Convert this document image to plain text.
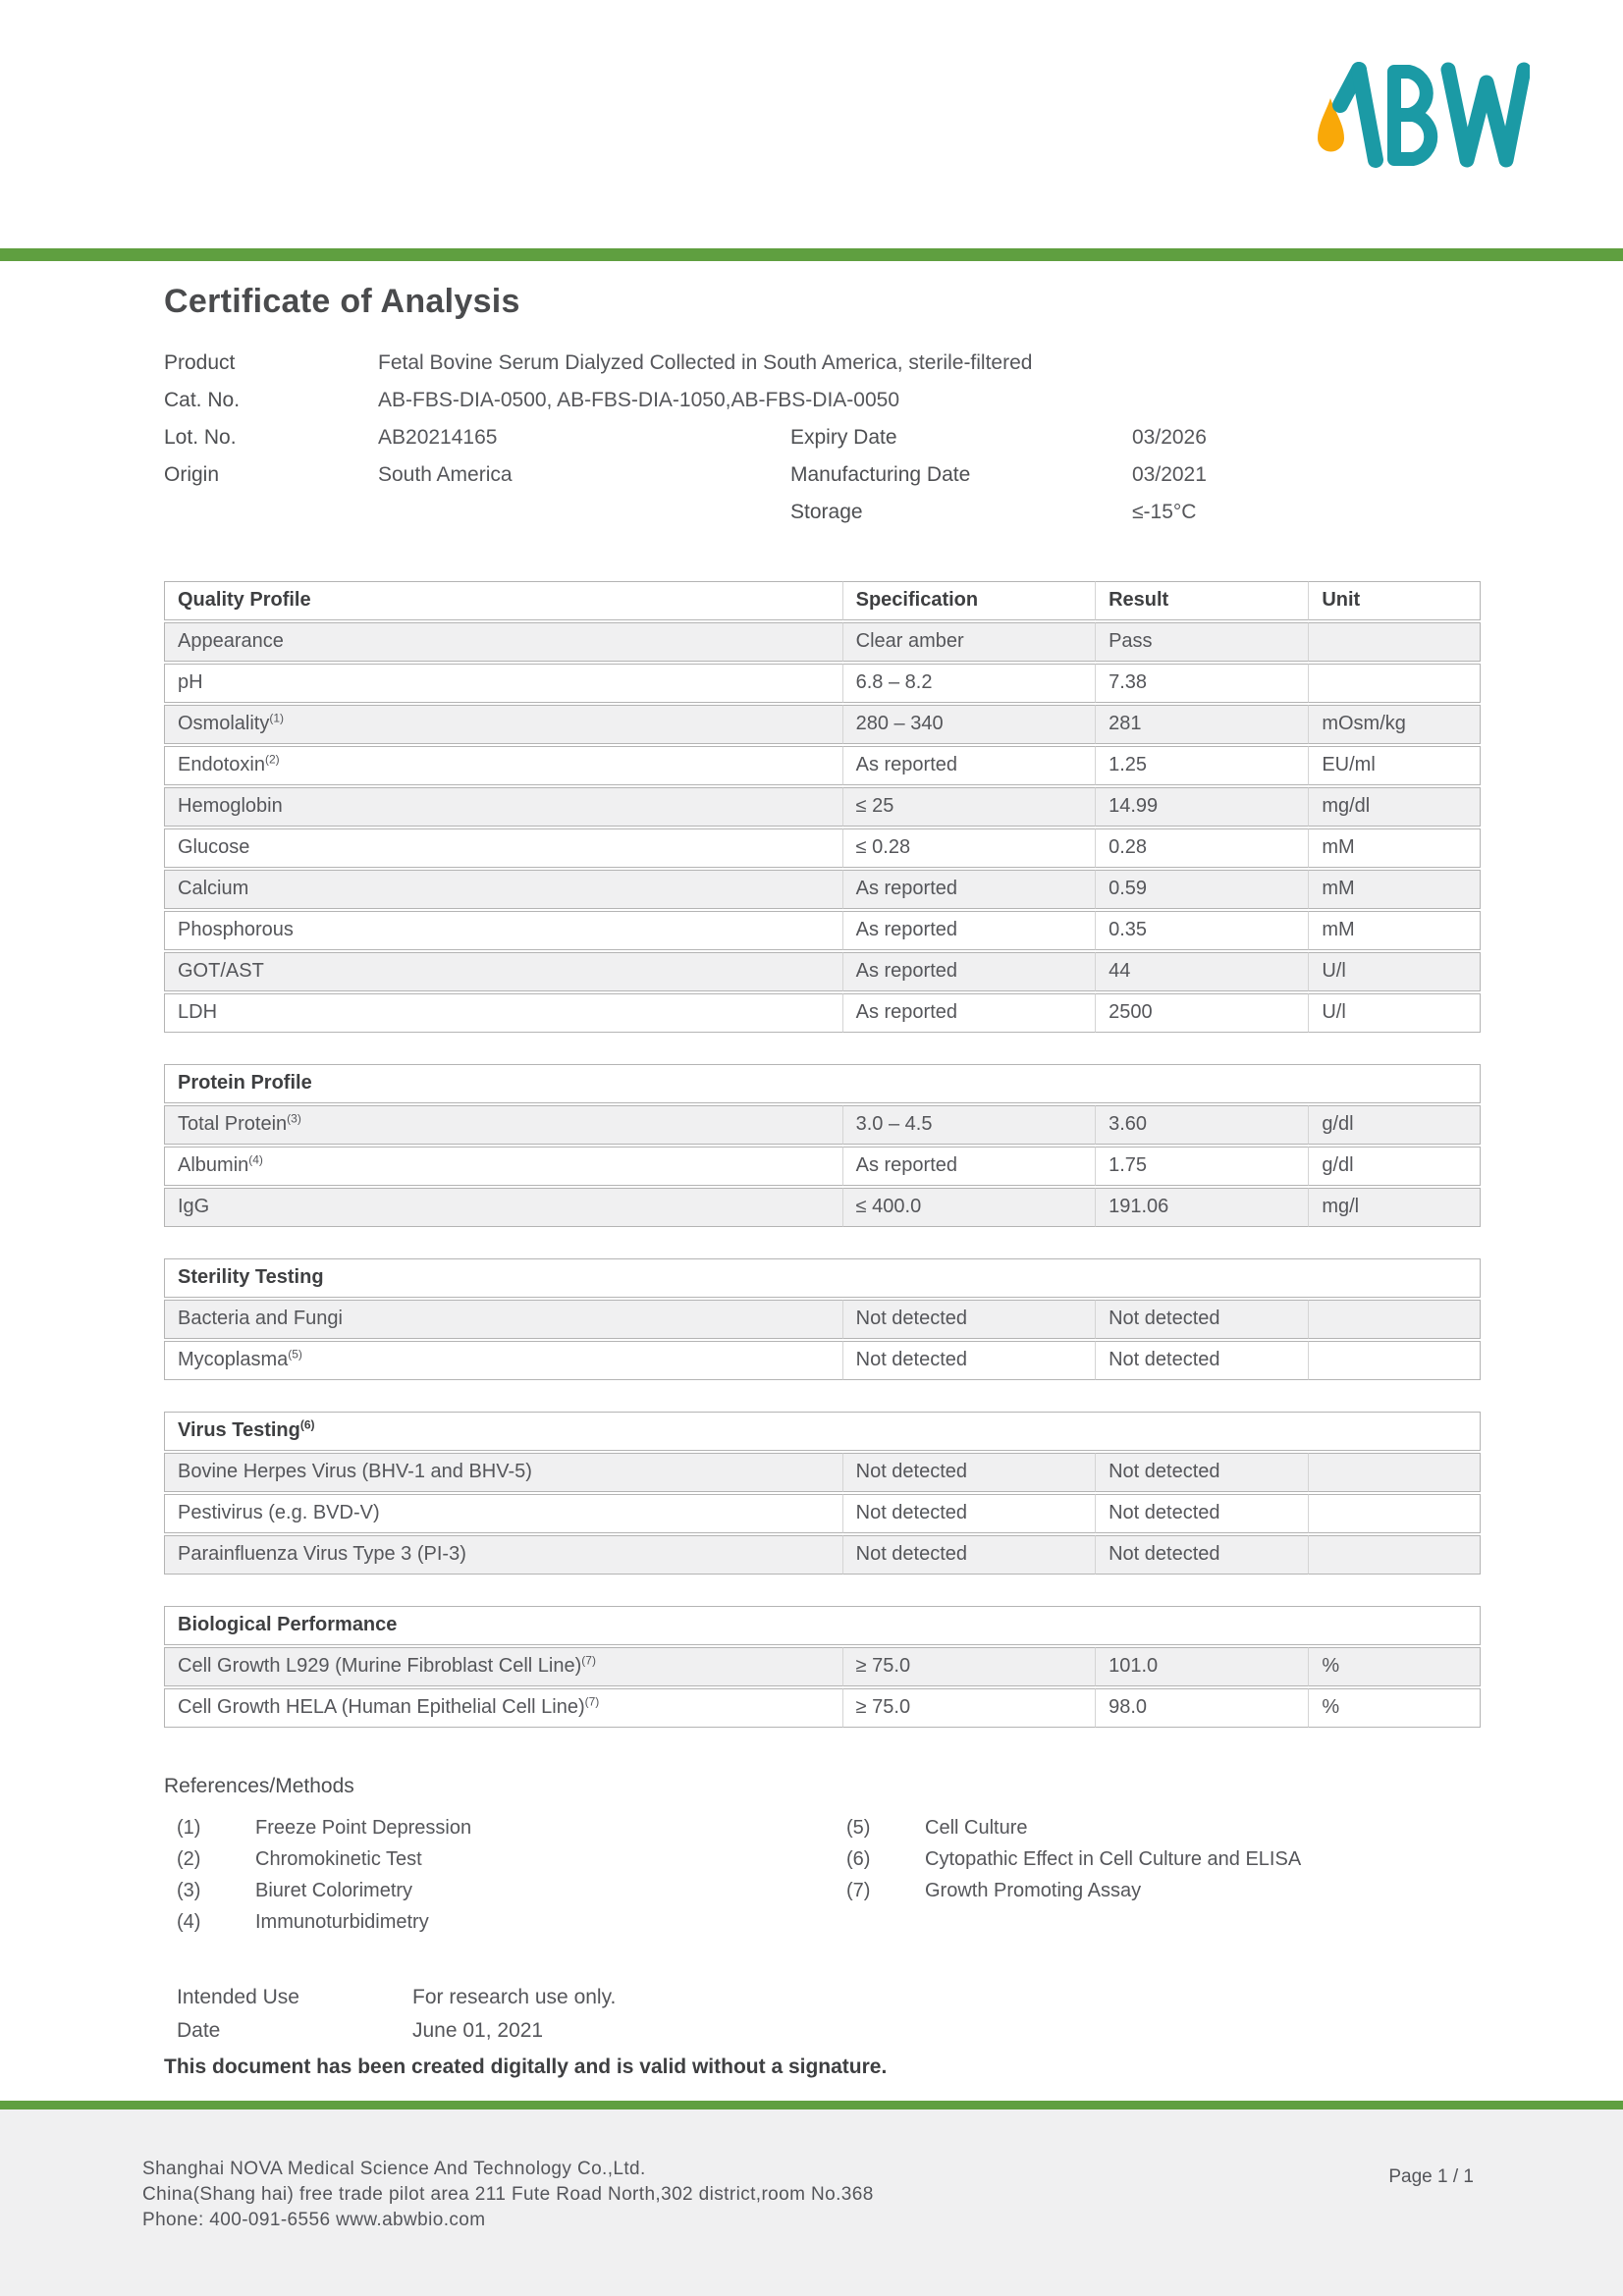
Certificate of Analysis
Product	Fetal Bovine Serum Dialyzed Collected in South America, sterile-filtered
Cat. No.	AB-FBS-DIA-0500, AB-FBS-DIA-1050,AB-FBS-DIA-0050
Lot. No.	AB20214165	Expiry Date	03/2026
Origin	South America	Manufacturing Date	03/2021
Storage	≤-15°C
Quality Profile	Specification	Result	Unit
Appearance	Clear amber	Pass	
pH	6.8 – 8.2	7.38	
Osmolality$^{(1)}$	280 – 340	281	mOsm/kg
Endotoxin$^{(2)}$	As reported	1.25	EU/ml
Hemoglobin	≤ 25	14.99	mg/dl
Glucose	≤ 0.28	0.28	mM
Calcium	As reported	0.59	mM
Phosphorous	As reported	0.35	mM
GOT/AST	As reported	44	U/l
LDH	As reported	2500	U/l
Protein Profile			
Total Protein$^{(3)}$	3.0 – 4.5	3.60	g/dl
Albumin$^{(4)}$	As reported	1.75	g/dl
IgG	≤ 400.0	191.06	mg/l
Sterility Testing			
Bacteria and Fungi	Not detected	Not detected	
Mycoplasma$^{(5)}$	Not detected	Not detected	
Virus Testing$^{(6)}$
Bovine Herpes Virus (BHV-1 and BHV-5)	Not detected	Not detected	
Pestivirus (e.g. BVD-V)	Not detected	Not detected	
Parainfluenza Virus Type 3 (PI-3)	Not detected	Not detected	
Biological Performance			
Cell Growth L929 (Murine Fibroblast Cell Line)$^{(7)}$	≥ 75.0	101.0	%
Cell Growth HELA (Human Epithelial Cell Line)$^{(7)}$	≥ 75.0	98.0	%
References/Methods
(1)	Freeze Point Depression
(2)	Chromokinetic Test
(3)	Biuret Colorimetry
(4)	Immunoturbidimetry
(5)	Cell Culture
(6)	Cytopathic Effect in Cell Culture and ELISA
(7)	Growth Promoting Assay
Intended Use	For research use only.
Date	June 01, 2021
This document has been created digitally and is valid without a signature.
Shanghai NOVA Medical Science And Technology Co.,Ltd.
China(Shang hai) free trade pilot area 211 Fute Road North,302 district,room No.368
Phone: 400-091-6556 www.abwbio.com
Page 1 / 1
